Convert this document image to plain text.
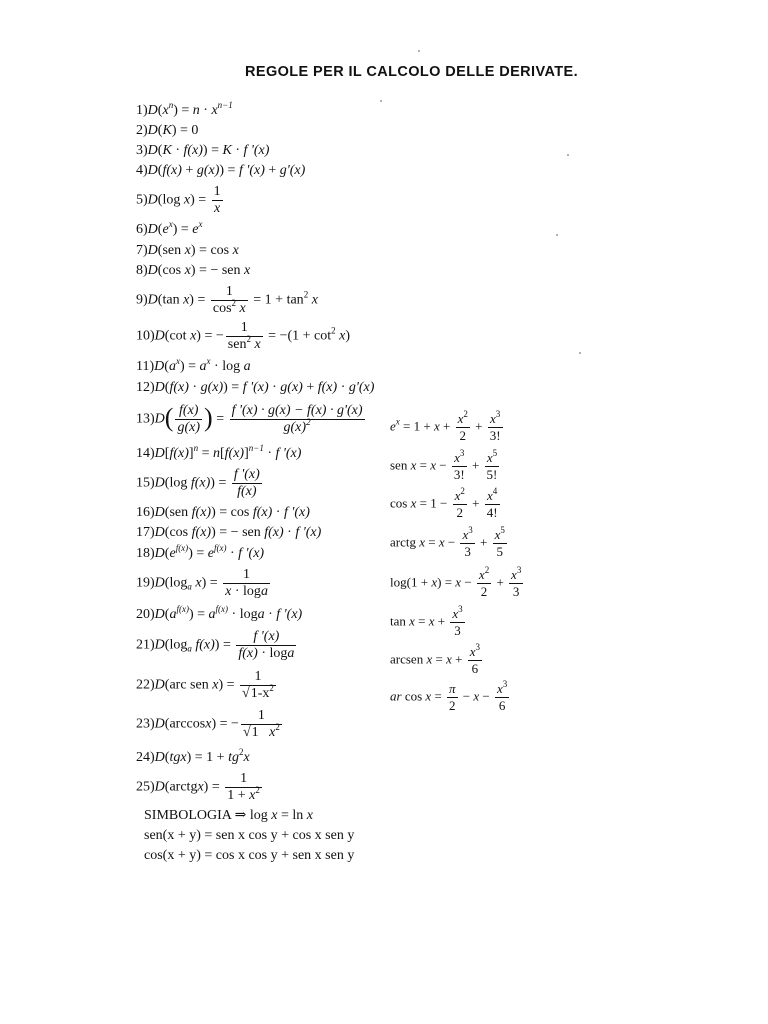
REGOLE PER IL CALCOLO DELLE DERIVATE.
$1)D(x^n) = n \cdot x^{n-1}$
2)D(K) = 0
3)D(K · f(x)) = K · f '(x)
4)D(f(x) + g(x)) = f '(x) + g'(x)
5)D(log $x) = \frac{1}{x}$
$6)D(e^x) = e^x$
7)D(sen x) = cos x
8)D(cos x) = − sen x
9)D(tan $x) = \frac{1}{\cos^2 x} = 1 + \tan^2 x$
10)D(cot x) = −
1
sen$^2$ x
= $-(1 + \cot^2 x)$
$11)D(a^x) = a^x \cdot \log a$
12)D(f(x) · g(x)) = f '(x) · g(x) + f(x) · g'(x)
$13)D( \frac{f(x)}{g(x)}$ ) = $\frac{f '(x) \cdot g(x) - f(x) \cdot g'(x)}{g(x)^2}$
$14)D[f(x)]^n = n[f(x)]^{n-1} \cdot f$ '(x)
15)D(log $f(x)) = \frac{f '(x)}{f(x)}$
16)D(sen f(x)) = cos f(x) · f '(x)
17)D(cos f(x)) = − sen f(x) · f '(x)
$18)D(e^{f(x)}) = e^{f(x)} \cdot f$ '(x)
$19)D(\log_a$ $x) = \frac{1}{x \cdot \log a}$
$20)D(a^{f(x)}) = a^{f(x)} \cdot \log a \cdot f$ '(x)
$21)D(\log_a$ $f(x)) = \frac{f '(x)}{f(x) \cdot \log a}$
22)D(arc sen $x) = \frac{1}{√1-x^2}$
23)D(arccosx) = − $\frac{1}{√1 x^2}$
$24)D(tgx) = 1 + tg^2x$
25)D(arctgx) = $\frac{1}{1 + x^2}$
SIMBOLOGIA ⇒ log x = ln x
sen(x + y) = sen x cos y + cos x sen y
cos(x + y) = cos x cos y + sen x sen y
$e^x = 1 + x + \frac{x^2}{2} + \frac{x^3}{3!}$
sen $x = x - \frac{x^3}{3!} + \frac{x^5}{5!}$
$\cos x = 1 - \frac{x^2}{2} + \frac{x^4}{4!}$
arctg $x = x - \frac{x^3}{3} + \frac{x^5}{5}$
$\log(1 + x) = x - \frac{x^2}{2} + \frac{x^3}{3}$
$\tan x = x + \frac{x^3}{3}$
arcsen $x = x + \frac{x^3}{6}$
ar $\cos x = \frac{\pi}{2} - x - \frac{x^3}{6}$
